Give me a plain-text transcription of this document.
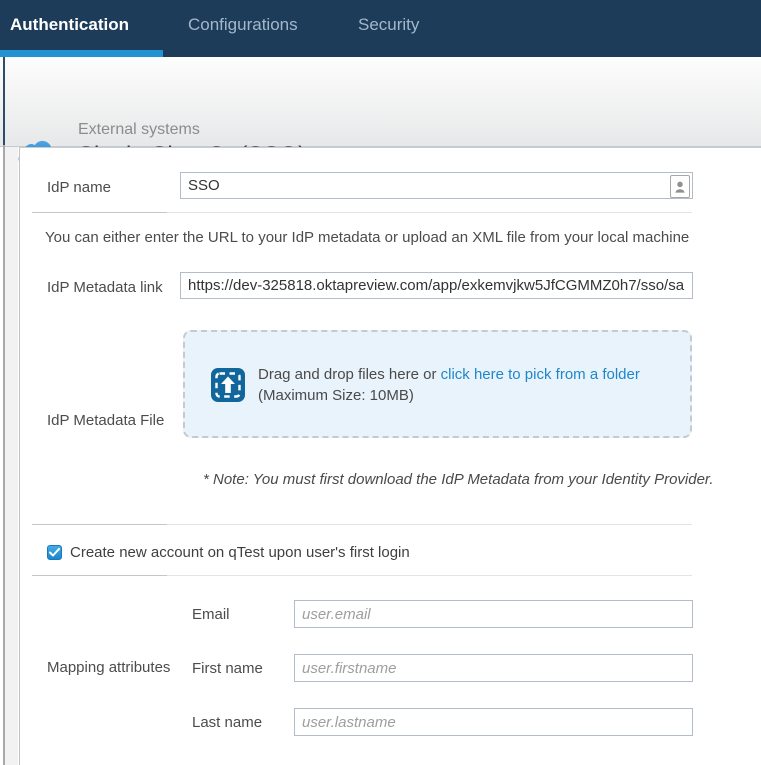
Authentication	Configurations	Security
External systems
IdP name
SSO
You can either enter the URL to your IdP metadata or upload an XML file from your local machine
IdP Metadata link
https://dev-325818.oktapreview.com/app/exkemvjkw5JfCGMMZ0h7/sso/saml
Drag and drop files here or click here to pick from a folder
(Maximum Size: 10MB)
IdP Metadata File
* Note: You must first download the IdP Metadata from your Identity Provider.
Create new account on qTest upon user's first login
Mapping attributes
Email
user.email
First name
user.firstname
Last name
user.lastname
